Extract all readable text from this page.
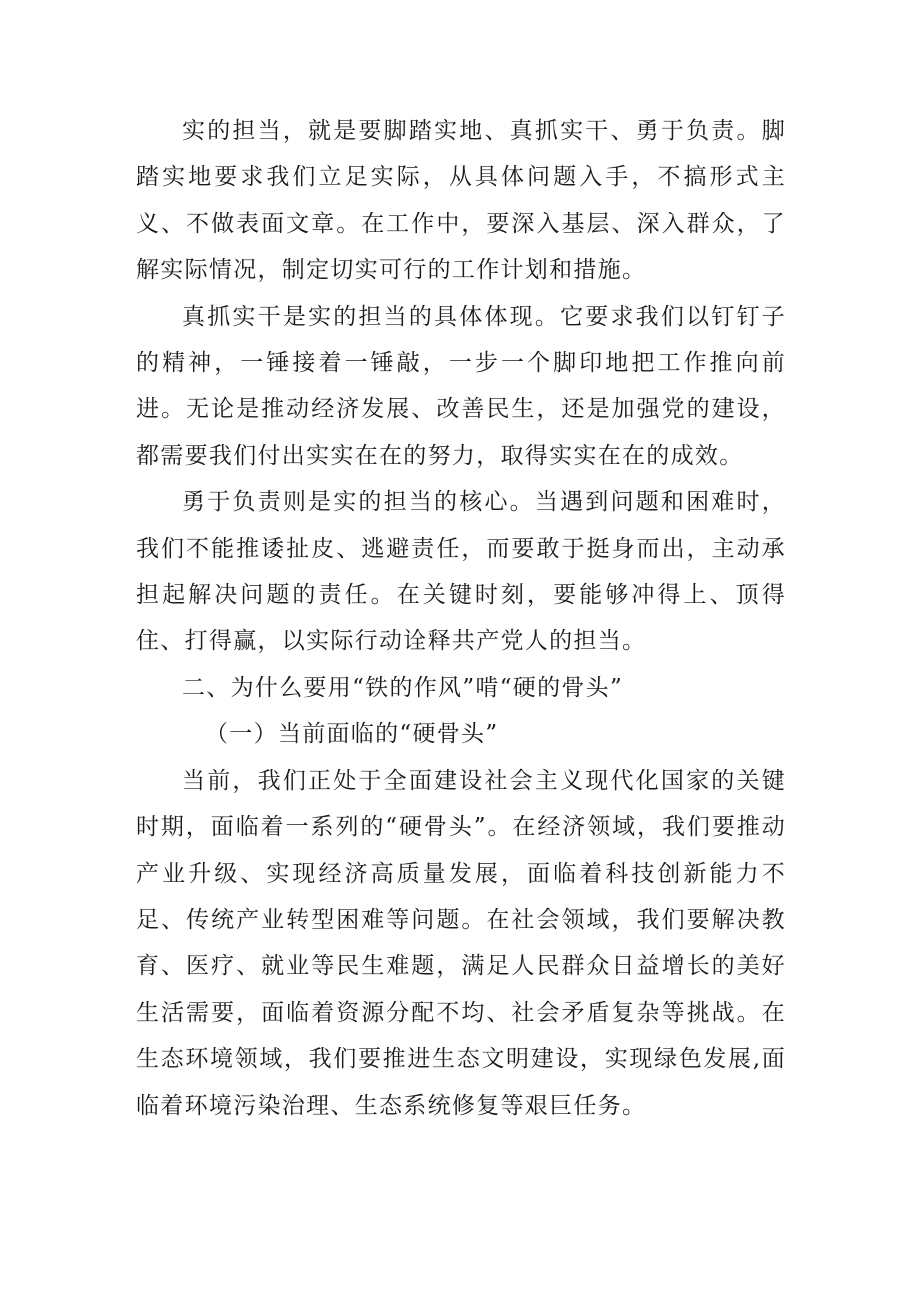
实的担当，就是要脚踏实地、真抓实干、勇于负责。脚踏实地要求我们立足实际，从具体问题入手，不搞形式主义、不做表面文章。在工作中，要深入基层、深入群众，了解实际情况，制定切实可行的工作计划和措施。

真抓实干是实的担当的具体体现。它要求我们以钉钉子的精神，一锤接着一锤敲，一步一个脚印地把工作推向前进。无论是推动经济发展、改善民生，还是加强党的建设，都需要我们付出实实在在的努力，取得实实在在的成效。

勇于负责则是实的担当的核心。当遇到问题和困难时，我们不能推诿扯皮、逃避责任，而要敢于挺身而出，主动承担起解决问题的责任。在关键时刻，要能够冲得上、顶得住、打得赢，以实际行动诠释共产党人的担当。

二、为什么要用“铁的作风”啃“硬的骨头”

（一）当前面临的“硬骨头”

当前，我们正处于全面建设社会主义现代化国家的关键时期，面临着一系列的“硬骨头”。在经济领域，我们要推动产业升级、实现经济高质量发展，面临着科技创新能力不足、传统产业转型困难等问题。在社会领域，我们要解决教育、医疗、就业等民生难题，满足人民群众日益增长的美好生活需要，面临着资源分配不均、社会矛盾复杂等挑战。在生态环境领域，我们要推进生态文明建设，实现绿色发展,面临着环境污染治理、生态系统修复等艰巨任务。
